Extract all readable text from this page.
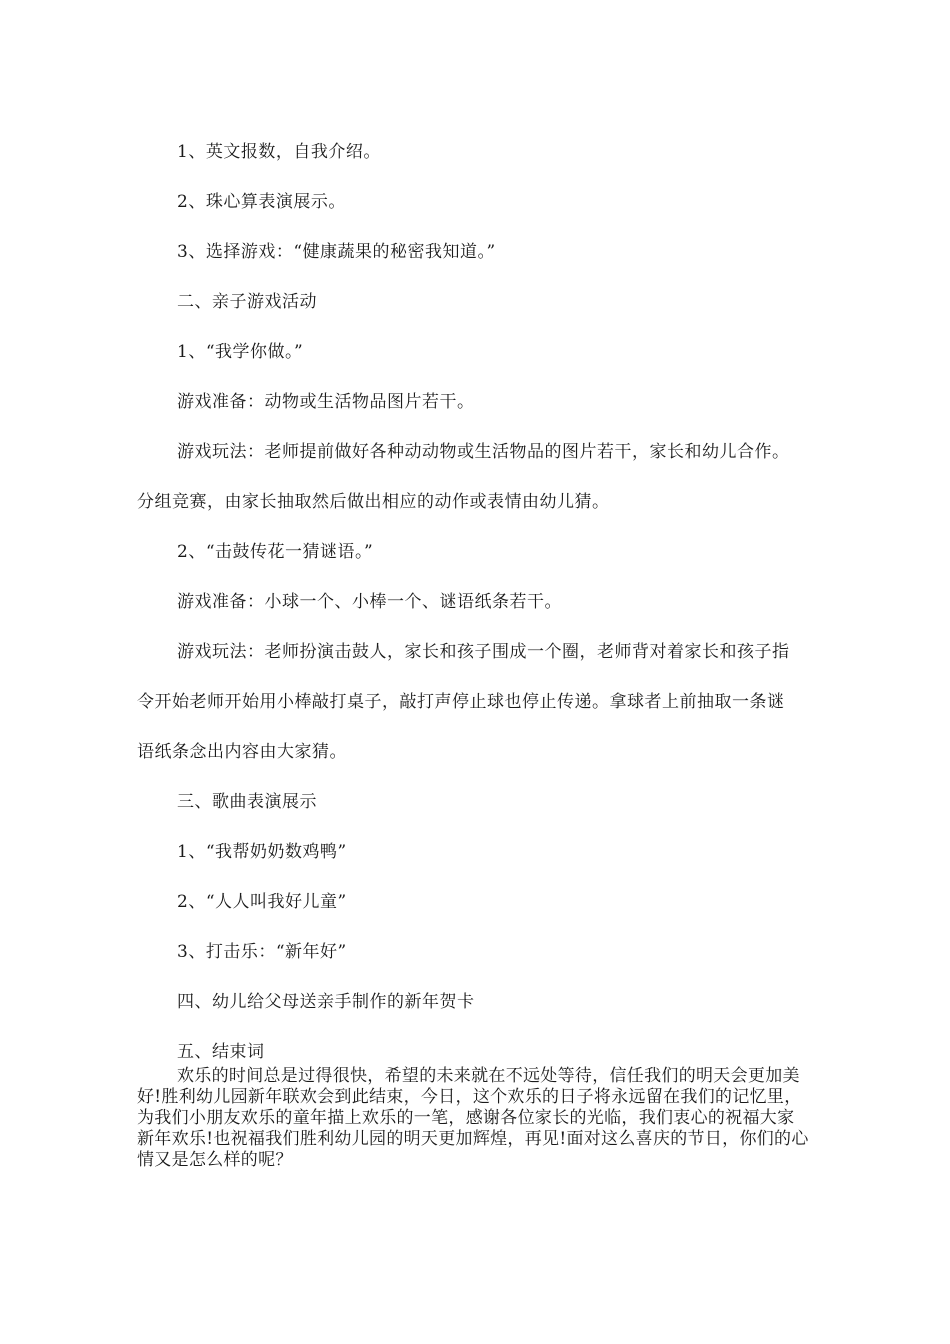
1、英文报数，自我介绍。
2、珠心算表演展示。
3、选择游戏：“健康蔬果的秘密我知道。”
二、亲子游戏活动
1、“我学你做。”
游戏准备：动物或生活物品图片若干。
游戏玩法：老师提前做好各种动动物或生活物品的图片若干，家长和幼儿合作。
分组竞赛，由家长抽取然后做出相应的动作或表情由幼儿猜。
2、“击鼓传花一猜谜语。”
游戏准备：小球一个、小棒一个、谜语纸条若干。
游戏玩法：老师扮演击鼓人，家长和孩子围成一个圈，老师背对着家长和孩子指
令开始老师开始用小棒敲打桌子，敲打声停止球也停止传递。拿球者上前抽取一条谜
语纸条念出内容由大家猜。
三、歌曲表演展示
1、“我帮奶奶数鸡鸭”
2、“人人叫我好儿童”
3、打击乐：“新年好”
四、幼儿给父母送亲手制作的新年贺卡
五、结束词

欢乐的时间总是过得很快，希望的未来就在不远处等待，信任我们的明天会更加美好!胜利幼儿园新年联欢会到此结束，今日，这个欢乐的日子将永远留在我们的记忆里，为我们小朋友欢乐的童年描上欢乐的一笔，感谢各位家长的光临，我们衷心的祝福大家新年欢乐!也祝福我们胜利幼儿园的明天更加辉煌，再见!面对这么喜庆的节日，你们的心情又是怎么样的呢？
